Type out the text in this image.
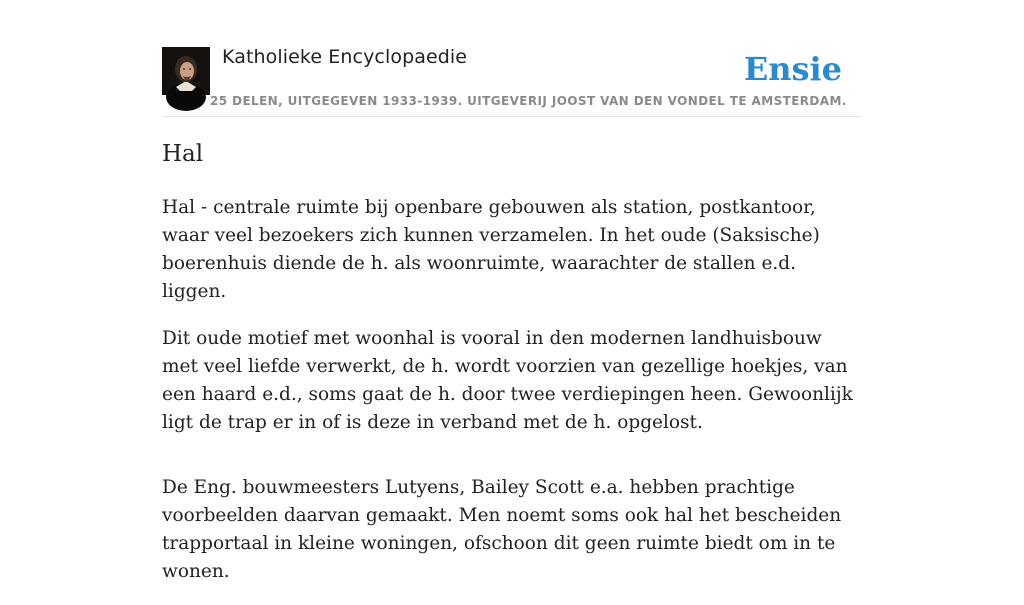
Katholieke Encyclopaedie
25 DELEN, UITGEGEVEN 1933-1939. UITGEVERIJ JOOST VAN DEN VONDEL TE AMSTERDAM.
Ensie
Hal

Hal - centrale ruimte bij openbare gebouwen als station, postkantoor, waar veel bezoekers zich kunnen verzamelen. In het oude (Saksische) boerenhuis diende de h. als woonruimte, waarachter de stallen e.d. liggen.

Dit oude motief met woonhal is vooral in den modernen landhuisbouw met veel liefde verwerkt, de h. wordt voorzien van gezellige hoekjes, van een haard e.d., soms gaat de h. door twee verdiepingen heen. Gewoonlijk ligt de trap er in of is deze in verband met de h. opgelost.

De Eng. bouwmeesters Lutyens, Bailey Scott e.a. hebben prachtige voorbeelden daarvan gemaakt. Men noemt soms ook hal het bescheiden trapportaal in kleine woningen, ofschoon dit geen ruimte biedt om in te wonen.
